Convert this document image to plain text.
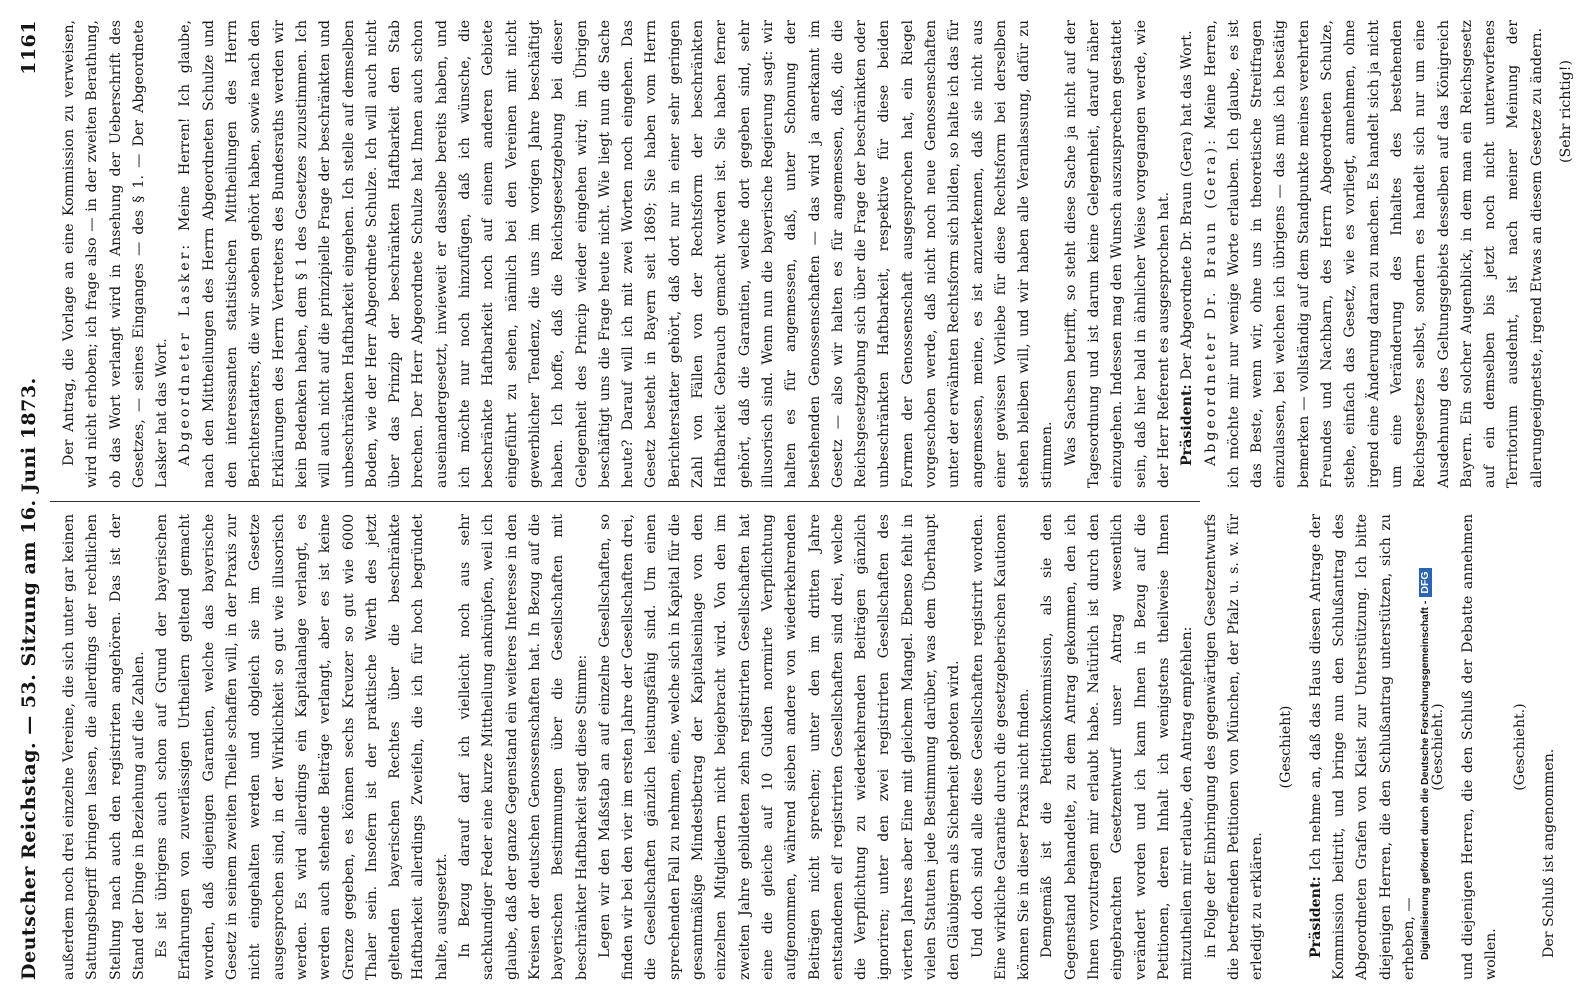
Deutscher Reichstag. — 53. Sitzung am 16. Juni 1873.
1161

außerdem noch drei einzelne Vereine, die sich unter gar keinen Sattungsbegriff bringen lassen, die allerdings der rechtlichen Stellung nach auch den registrirten angehören. Das ist der Stand der Dinge in Beziehung auf die Zahlen. Es ist übrigens auch schon auf Grund der bayerischen Erfahrungen von zuverlässigen Urtheilern geltend gemacht worden, daß diejenigen Garantien, welche das bayerische Gesetz in seinem zweiten Theile schaffen will, in der Praxis zur nicht eingehalten werden und obgleich sie im Gesetze ausgesprochen sind, in der Wirklichkeit so gut wie illusorisch werden. Es wird allerdings ein Kapitalanlage verlangt, es werden auch stehende Beiträge verlangt, aber es ist keine Grenze gegeben, es können sechs Kreuzer so gut wie 6000 Thaler sein. Insofern ist der praktische Werth des jetzt geltenden bayerischen Rechtes über die beschränkte Haftbarkeit allerdings Zweifeln, die ich für hoch begründet halte, ausgesetzt. In Bezug darauf darf ich vielleicht noch aus sehr sachkundiger Feder eine kurze Mittheilung anknüpfen, weil ich glaube, daß der ganze Gegenstand ein weiteres Interesse in den Kreisen der deutschen Genossenschaften hat. In Bezug auf die bayerischen Bestimmungen über die Gesellschaften mit beschränkter Haftbarkeit sagt diese Stimme: Legen wir den Maßstab an auf einzelne Gesellschaften, so finden wir bei den vier im ersten Jahre der Gesellschaften drei, die Gesellschaften gänzlich leistungsfähig sind. Um einen sprechenden Fall zu nehmen, eine, welche sich in Kapital für die gesamtmäßige Mindestbetrag der Kapitalseinlage von den einzelnen Mitgliedern nicht beigebracht wird. Von den im zweiten Jahre gebildeten zehn registrirten Gesellschaften hat eine die gleiche auf 10 Gulden normirte Verpflichtung aufgenommen, während sieben andere von wiederkehrenden Beiträgen nicht sprechen; unter den im dritten Jahre entstandenen elf registrirten Gesellschaften sind drei, welche die Verpflichtung zu wiederkehrenden Beiträgen gänzlich ignoriren; unter den zwei registrirten Gesellschaften des vierten Jahres aber Eine mit gleichem Mangel. Ebenso fehlt in vielen Statuten jede Bestimmung darüber, was dem Überhaupt den Gläubigern als Sicherheit geboten wird. Und doch sind alle diese Gesellschaften registrirt worden. Eine wirkliche Garantie durch die gesetzgeberischen Kautionen können Sie in dieser Praxis nicht finden. Demgemäß ist die Petitionskommission, als sie den Gegenstand behandelte, zu dem Antrag gekommen, den ich Ihnen vorzutragen mir erlaubt habe. Natürlich ist durch den eingebrachten Gesetzentwurf unser Antrag wesentlich verändert worden und ich kann Ihnen in Bezug auf die Petitionen, deren Inhalt ich wenigstens theilweise Ihnen mitzutheilen mir erlaube, den Antrag empfehlen: in Folge der Einbringung des gegenwärtigen Gesetzentwurfs die betreffenden Petitionen von München, der Pfalz u. s. w. für erledigt zu erklären.

(Geschieht)

Präsident: Ich nehme an, daß das Haus diesen Antrage der Kommission beitritt, und bringe nun den Schlußantrag des Abgeordneten Grafen von Kleist zur Unterstützung. Ich bitte diejenigen Herren, die den Schlußantrag unterstützen, sich zu erheben, —

(Geschieht.) und diejenigen Herren, die den Schluß der Debatte annehmen wollen.

(Geschieht.)

Der Schluß ist angenommen.

Der Antrag, die Vorlage an eine Kommission zu verweisen, wird nicht erhoben; ich frage also — in der zweiten Berathung, ob das Wort verlangt wird in Ansehung der Ueberschrift des Gesetzes, — seines Einganges — des § 1. — Der Abgeordnete Lasker hat das Wort. Abgeordneter Lasker: Meine Herren! Ich glaube, nach den Mittheilungen des Herrn Abgeordneten Schulze und den interessanten statistischen Mittheilungen des Herrn Berichterstatters, die wir soeben gehört haben, sowie nach den Erklärungen des Herrn Vertreters des Bundesraths werden wir kein Bedenken haben, dem § 1 des Gesetzes zuzustimmen. Ich will auch nicht auf die prinzipielle Frage der beschränkten und unbeschränkten Haftbarkeit eingehen. Ich stelle auf demselben Boden, wie der Herr Abgeordnete Schulze. Ich will auch nicht über das Prinzip der beschränkten Haftbarkeit den Stab brechen. Der Herr Abgeordnete Schulze hat Ihnen auch schon auseinandergesetzt, inwieweit er dasselbe bereits haben, und ich möchte nur noch hinzufügen, daß ich wünsche, die beschränkte Haftbarkeit noch auf einem anderen Gebiete eingeführt zu sehen, nämlich bei den Vereinen mit nicht gewerblicher Tendenz, die uns im vorigen Jahre beschäftigt haben. Ich hoffe, daß die Reichsgesetzgebung bei dieser Gelegenheit des Princip wieder eingehen wird; im Übrigen beschäftigt uns die Frage heute nicht. Wie liegt nun die Sache heute? Darauf will ich mit zwei Worten noch eingehen. Das Gesetz besteht in Bayern seit 1869; Sie haben vom Herrn Berichterstatter gehört, daß dort nur in einer sehr geringen Zahl von Fällen von der Rechtsform der beschränkten Haftbarkeit Gebrauch gemacht worden ist. Sie haben ferner gehört, daß die Garantien, welche dort gegeben sind, sehr illusorisch sind. Wenn nun die bayerische Regierung sagt: wir halten es für angemessen, daß, unter Schonung der bestehenden Genossenschaften — das wird ja anerkannt im Gesetz — also wir halten es für angemessen, daß, die die Reichsgesetzgebung sich über die Frage der beschränkten oder unbeschränkten Haftbarkeit, respektive für diese beiden Formen der Genossenschaft ausgesprochen hat, ein Riegel vorgeschoben werde, daß nicht noch neue Genossenschaften unter der erwähnten Rechtsform sich bilden, so halte ich das für angemessen, meine, es ist anzuerkennen, daß sie nicht aus einer gewissen Vorliebe für diese Rechtsform bei derselben stehen bleiben will, und wir haben alle Veranlassung, dafür zu stimmen. Was Sachsen betrifft, so steht diese Sache ja nicht auf der Tagesordnung und ist darum keine Gelegenheit, darauf näher einzugehen. Indessen mag den Wunsch auszusprechen gestattet sein, daß hier bald in ähnlicher Weise vorgegangen werde, wie der Herr Referent es ausgesprochen hat. Präsident: Der Abgeordnete Dr. Braun (Gera) hat das Wort. Abgeordneter Dr. Braun (Gera): Meine Herren, ich möchte mir nur wenige Worte erlauben. Ich glaube, es ist das Beste, wenn wir, ohne uns in theoretische Streitfragen einzulassen, bei welchen ich übrigens — das muß ich bestätig bemerken — vollständig auf dem Standpunkte meines verehrten Freundes und Nachbarn, des Herrn Abgeordneten Schulze, stehe, einfach das Gesetz, wie es vorliegt, annehmen, ohne irgend eine Änderung daran zu machen. Es handelt sich ja nicht um eine Veränderung des Inhaltes des bestehenden Reichsgesetzes selbst, sondern es handelt sich nur um eine Ausdehnung des Geltungsgebiets desselben auf das Königreich Bayern. Ein solcher Augenblick, in dem man ein Reichsgesetz auf ein demselben bis jetzt noch nicht unterworfenes Territorium ausdehnt, ist nach meiner Meinung der allerungeeignetste, irgend Etwas an diesem Gesetze zu ändern. (Sehr richtig!)

Digitalisierung gefördert durch die Deutsche Forschungsgemeinschaft -DFG
